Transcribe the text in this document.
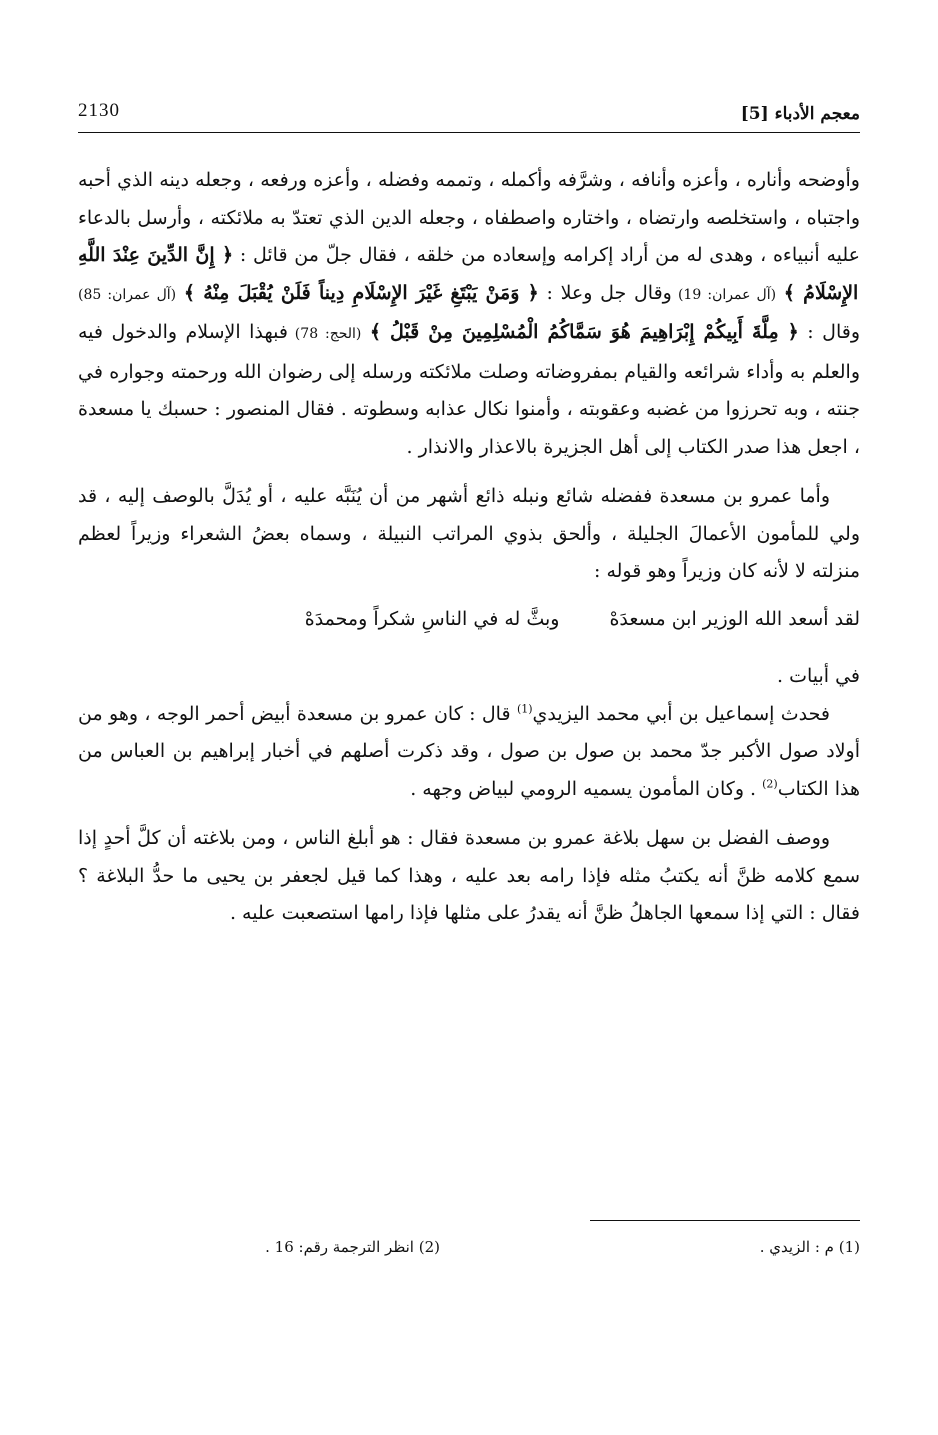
معجم الأدباء [5]
2130

وأوضحه وأناره ، وأعزه وأنافه ، وشرَّفه وأكمله ، وتممه وفضله ، وأعزه ورفعه ، وجعله دينه الذي أحبه واجتباه ، واستخلصه وارتضاه ، واختاره واصطفاه ، وجعله الدين الذي تعتدّ به ملائكته ، وأرسل بالدعاء عليه أنبياءه ، وهدى له من أراد إكرامه وإسعاده من خلقه ، فقال جلّ من قائل : ﴿ إِنَّ الدِّينَ عِنْدَ اللَّهِ الإِسْلَامُ ﴾ (آل عمران: 19) وقال جل وعلا : ﴿ وَمَنْ يَبْتَغِ غَيْرَ الإِسْلَامِ دِيناً فَلَنْ يُقْبَلَ مِنْهُ ﴾ (آل عمران: 85) وقال : ﴿ مِلَّةَ أَبِيكُمْ إِبْرَاهِيمَ هُوَ سَمَّاكُمُ الْمُسْلِمِينَ مِنْ قَبْلُ ﴾ (الحج: 78) فبهذا الإسلام والدخول فيه والعلم به وأداء شرائعه والقيام بمفروضاته وصلت ملائكته ورسله إلى رضوان الله ورحمته وجواره في جنته ، وبه تحرزوا من غضبه وعقوبته ، وأمنوا نكال عذابه وسطوته . فقال المنصور : حسبك يا مسعدة ، اجعل هذا صدر الكتاب إلى أهل الجزيرة بالاعذار والانذار .

وأما عمرو بن مسعدة ففضله شائع ونبله ذائع أشهر من أن يُنَبَّه عليه ، أو يُدَلَّ بالوصف إليه ، قد ولي للمأمون الأعمالَ الجليلة ، وألحق بذوي المراتب النبيلة ، وسماه بعضُ الشعراء وزيراً لعظم منزلته لا لأنه كان وزيراً وهو قوله :

لقد أسعد الله الوزير ابن مسعدَهْ
وبثَّ له في الناسِ شكراً ومحمدَهْ

في أبيات .

فحدث إسماعيل بن أبي محمد اليزيدي$^{(1)}$ قال : كان عمرو بن مسعدة أبيض أحمر الوجه ، وهو من أولاد صول الأكبر جدّ محمد بن صول بن صول ، وقد ذكرت أصلهم في أخبار إبراهيم بن العباس من هذا الكتاب$^{(2)}$ . وكان المأمون يسميه الرومي لبياض وجهه .

ووصف الفضل بن سهل بلاغة عمرو بن مسعدة فقال : هو أبلغ الناس ، ومن بلاغته أن كلَّ أحدٍ إذا سمع كلامه ظنَّ أنه يكتبُ مثله فإذا رامه بعد عليه ، وهذا كما قيل لجعفر بن يحيى ما حدُّ البلاغة ؟ فقال : التي إذا سمعها الجاهلُ ظنَّ أنه يقدرُ على مثلها فإذا رامها استصعبت عليه .

(1) م : الزيدي .
(2) انظر الترجمة رقم: 16 .
